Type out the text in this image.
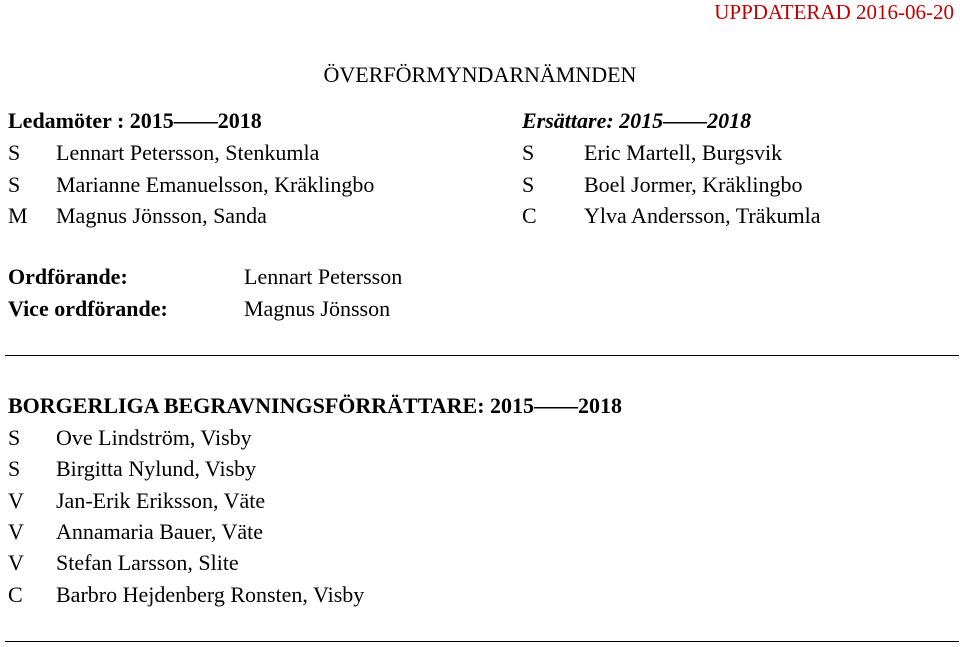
UPPDATERAD 2016-06-20
ÖVERFÖRMYNDARNÄMNDEN
Ledamöter : 2015——2018
S Lennart Petersson, Stenkumla
S Marianne Emanuelsson, Kräklingbo
M Magnus Jönsson, Sanda
Ersättare: 2015——2018
S Eric Martell, Burgsvik
S Boel Jormer, Kräklingbo
C Ylva Andersson, Träkumla
Ordförande:	Lennart Petersson
Vice ordförande:	Magnus Jönsson
BORGERLIGA BEGRAVNINGSFÖRRÄTTARE: 2015——2018
S Ove Lindström, Visby
S Birgitta Nylund, Visby
V Jan-Erik Eriksson, Väte
V Annamaria Bauer, Väte
V Stefan Larsson, Slite
C Barbro Hejdenberg Ronsten, Visby
